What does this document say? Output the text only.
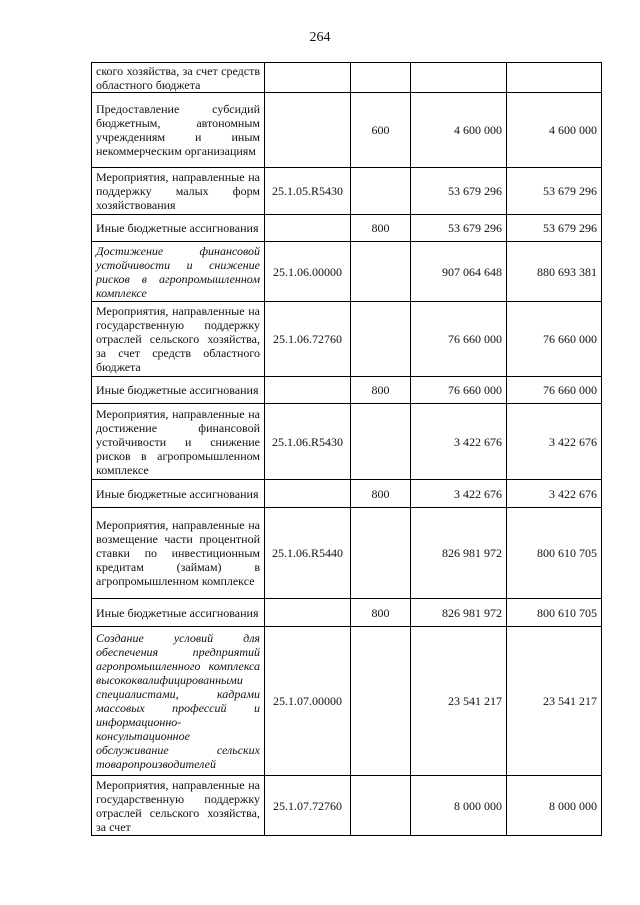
264
ского хозяйства, за счет средств областного бюджета				
Предоставление субсидий бюджетным, автономным учреждениям и иным некоммерческим организациям		600	4 600 000	4 600 000
Мероприятия, направленные на поддержку малых форм хозяйствования	25.1.05.R5430		53 679 296	53 679 296
Иные бюджетные ассигнования		800	53 679 296	53 679 296
Достижение финансовой устойчивости и снижение рисков в агропромышленном комплексе	25.1.06.00000		907 064 648	880 693 381
Мероприятия, направленные на государственную поддержку отраслей сельского хозяйства, за счет средств областного бюджета	25.1.06.72760		76 660 000	76 660 000
Иные бюджетные ассигнования		800	76 660 000	76 660 000
Мероприятия, направленные на достижение финансовой устойчивости и снижение рисков в агропромышленном комплексе	25.1.06.R5430		3 422 676	3 422 676
Иные бюджетные ассигнования		800	3 422 676	3 422 676
Мероприятия, направленные на возмещение части процентной ставки по инвестиционным кредитам (займам) в агропромышленном комплексе	25.1.06.R5440		826 981 972	800 610 705
Иные бюджетные ассигнования		800	826 981 972	800 610 705
Создание условий для обеспечения предприятий агропромышленного комплекса высококвалифицированными специалистами, кадрами массовых профессий и информационно-консультационное обслуживание сельских товаропроизводителей	25.1.07.00000		23 541 217	23 541 217
Мероприятия, направленные на государственную поддержку отраслей сельского хозяйства, за счет	25.1.07.72760		8 000 000	8 000 000
